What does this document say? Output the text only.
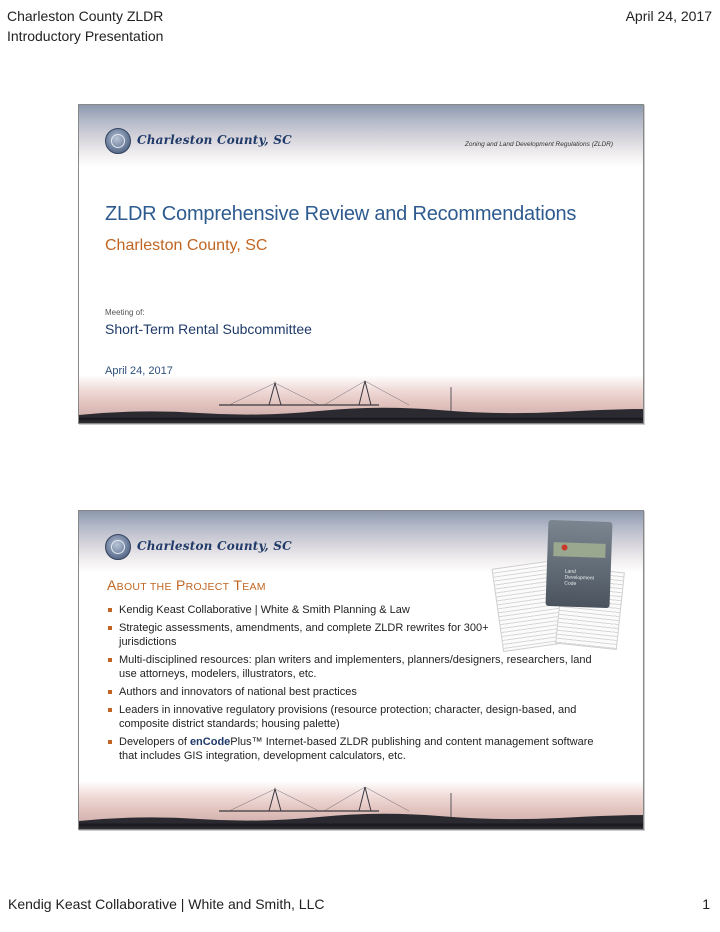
Charleston County ZLDR
Introductory Presentation
April 24, 2017
Charleston County, SC	Zoning and Land Development Regulations (ZLDR)
ZLDR Comprehensive Review and Recommendations
Charleston County, SC
Meeting of:
Short-Term Rental Subcommittee
April 24, 2017
Charleston County, SC
Land
Development
Code
ABOUT THE PROJECT TEAM
Kendig Keast Collaborative | White & Smith Planning & Law
Strategic assessments, amendments, and complete ZLDR rewrites for 300+ jurisdictions
Multi-disciplined resources: plan writers and implementers, planners/designers, researchers, land use attorneys, modelers, illustrators, etc.
Authors and innovators of national best practices
Leaders in innovative regulatory provisions (resource protection; character, design-based, and composite district standards; housing palette)
Developers of enCodePlus™ Internet-based ZLDR publishing and content management software that includes GIS integration, development calculators, etc.
Kendig Keast Collaborative | White and Smith, LLC	1
